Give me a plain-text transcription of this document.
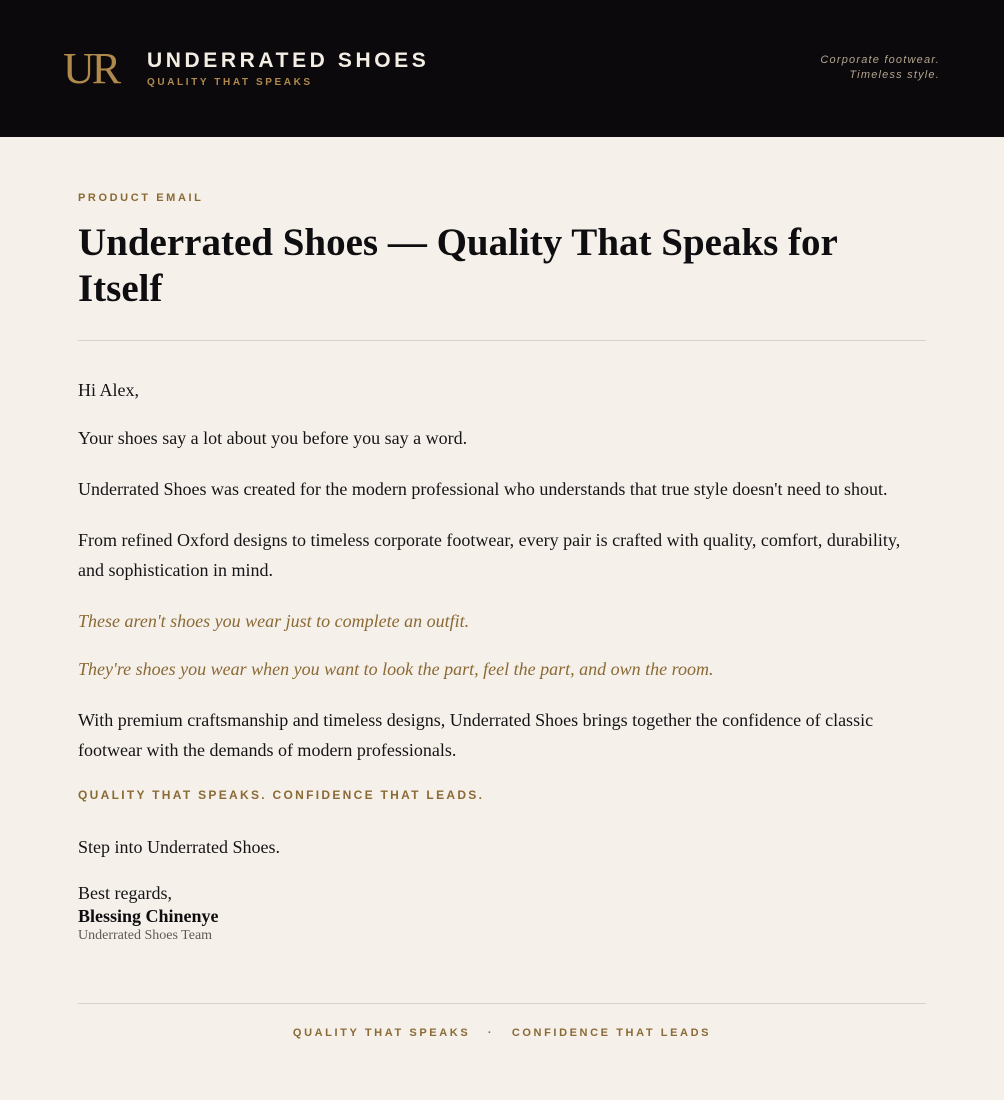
UR UNDERRATED SHOES
QUALITY THAT SPEAKS
Corporate footwear.
Timeless style.
PRODUCT EMAIL
Underrated Shoes — Quality That Speaks for Itself

Hi Alex,

Your shoes say a lot about you before you say a word.

Underrated Shoes was created for the modern professional who understands that true style doesn't need to shout.

From refined Oxford designs to timeless corporate footwear, every pair is crafted with quality, comfort, durability, and sophistication in mind.

These aren't shoes you wear just to complete an outfit.

They're shoes you wear when you want to look the part, feel the part, and own the room.

With premium craftsmanship and timeless designs, Underrated Shoes brings together the confidence of classic footwear with the demands of modern professionals.

QUALITY THAT SPEAKS. CONFIDENCE THAT LEADS.

Step into Underrated Shoes.

Best regards,

Blessing Chinenye
Underrated Shoes Team
QUALITY THAT SPEAKS · CONFIDENCE THAT LEADS
